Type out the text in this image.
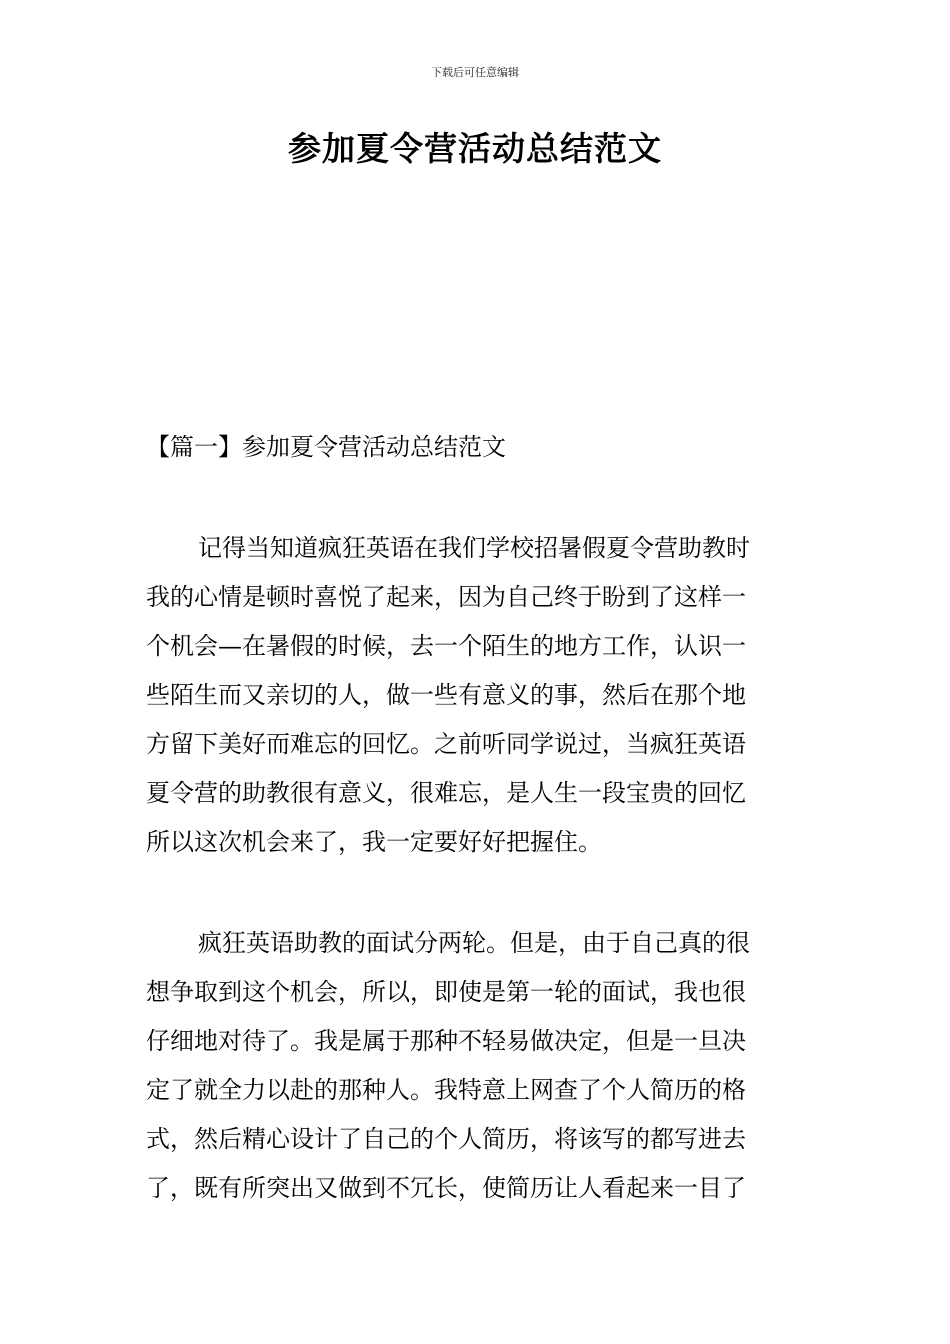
下载后可任意编辑
参加夏令营活动总结范文
【篇一】参加夏令营活动总结范文
记得当知道疯狂英语在我们学校招暑假夏令营助教时
我的心情是顿时喜悦了起来，因为自己终于盼到了这样一
个机会—在暑假的时候，去一个陌生的地方工作，认识一
些陌生而又亲切的人，做一些有意义的事，然后在那个地
方留下美好而难忘的回忆。之前听同学说过，当疯狂英语
夏令营的助教很有意义，很难忘，是人生一段宝贵的回忆
所以这次机会来了，我一定要好好把握住。
疯狂英语助教的面试分两轮。但是，由于自己真的很
想争取到这个机会，所以，即使是第一轮的面试，我也很
仔细地对待了。我是属于那种不轻易做决定，但是一旦决
定了就全力以赴的那种人。我特意上网查了个人简历的格
式，然后精心设计了自己的个人简历，将该写的都写进去
了，既有所突出又做到不冗长，使简历让人看起来一目了
